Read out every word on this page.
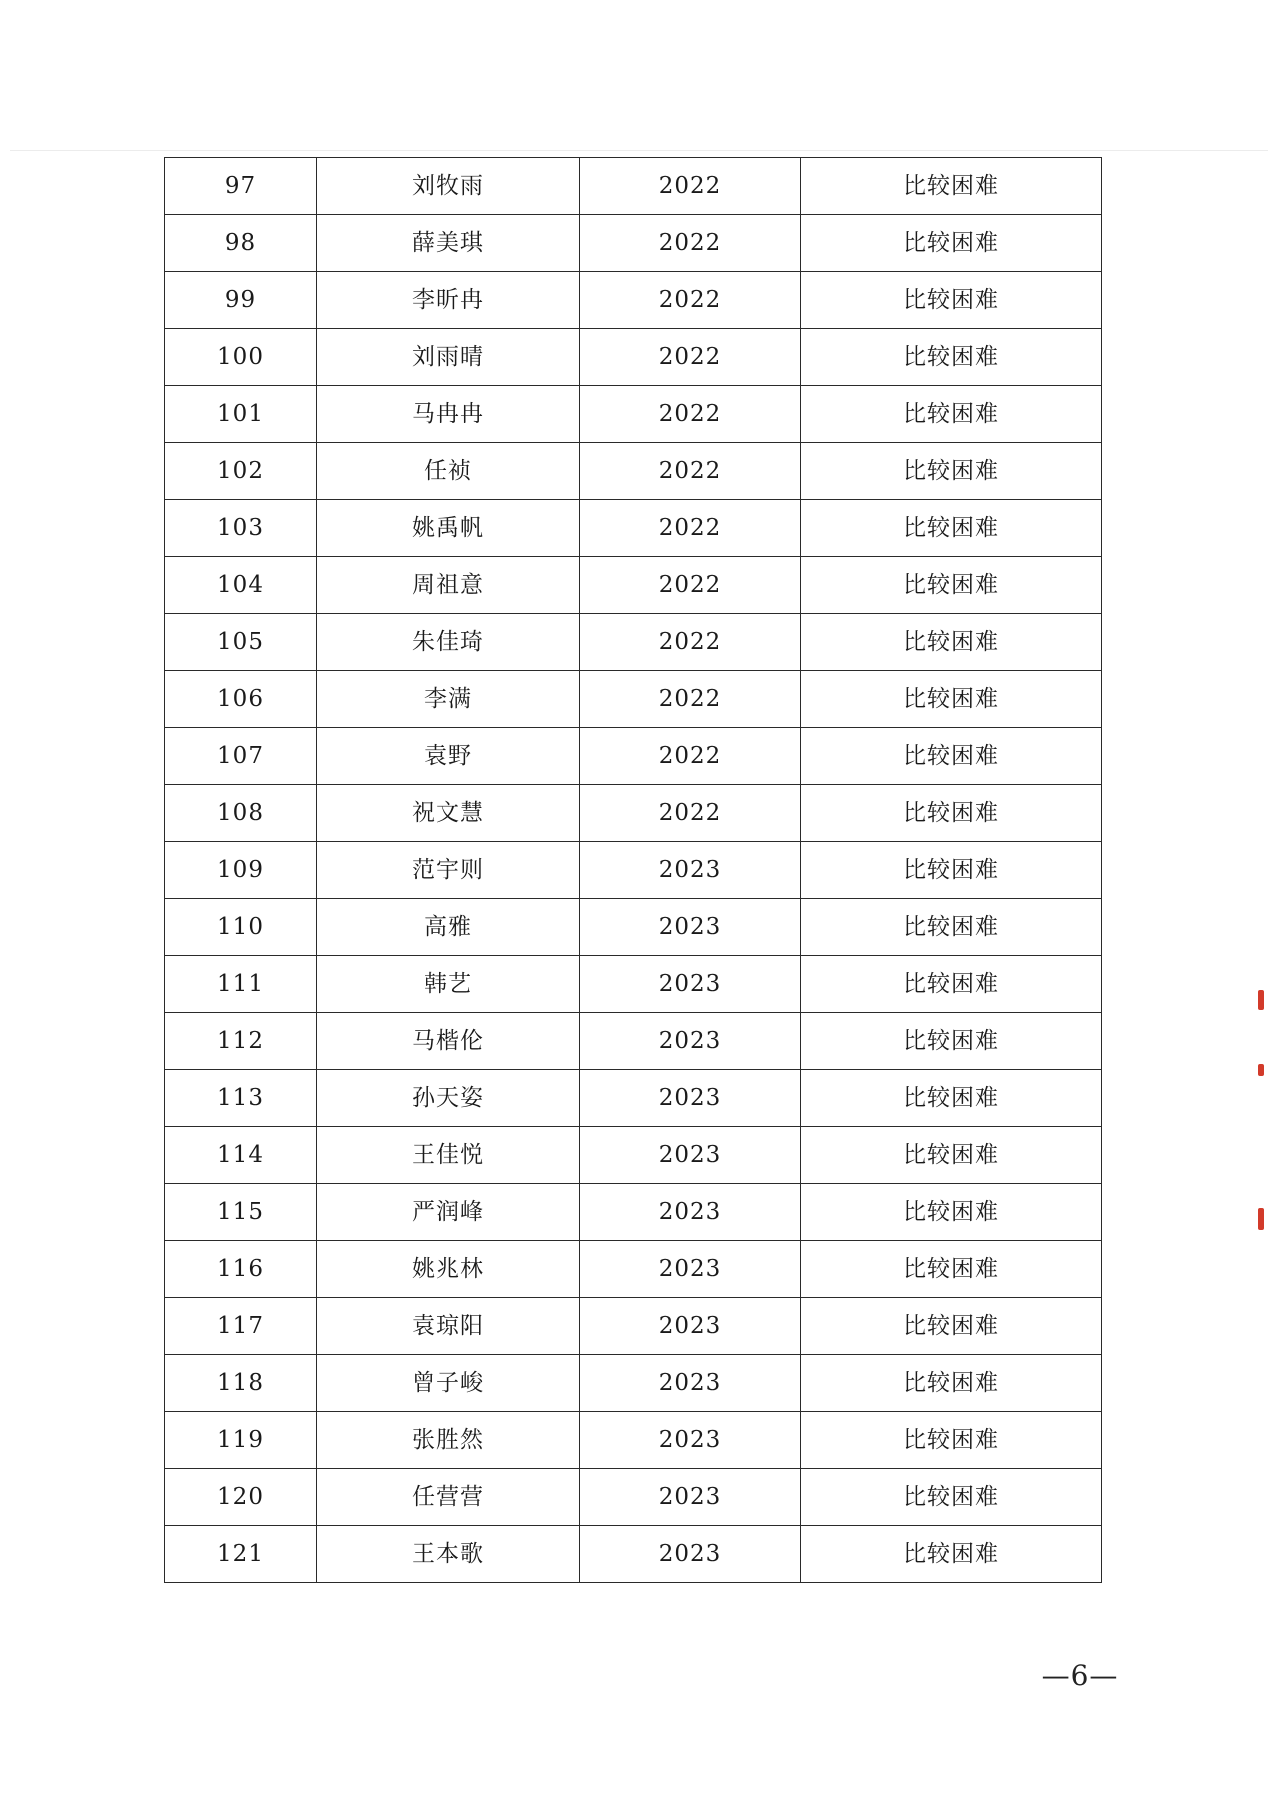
97	刘牧雨	2022	比较困难
98	薛美琪	2022	比较困难
99	李昕冉	2022	比较困难
100	刘雨晴	2022	比较困难
101	马冉冉	2022	比较困难
102	任祯	2022	比较困难
103	姚禹帆	2022	比较困难
104	周祖意	2022	比较困难
105	朱佳琦	2022	比较困难
106	李满	2022	比较困难
107	袁野	2022	比较困难
108	祝文慧	2022	比较困难
109	范宇则	2023	比较困难
110	高雅	2023	比较困难
111	韩艺	2023	比较困难
112	马楷伦	2023	比较困难
113	孙天姿	2023	比较困难
114	王佳悦	2023	比较困难
115	严润峰	2023	比较困难
116	姚兆林	2023	比较困难
117	袁琼阳	2023	比较困难
118	曾子峻	2023	比较困难
119	张胜然	2023	比较困难
120	任营营	2023	比较困难
121	王本歌	2023	比较困难
—6—
